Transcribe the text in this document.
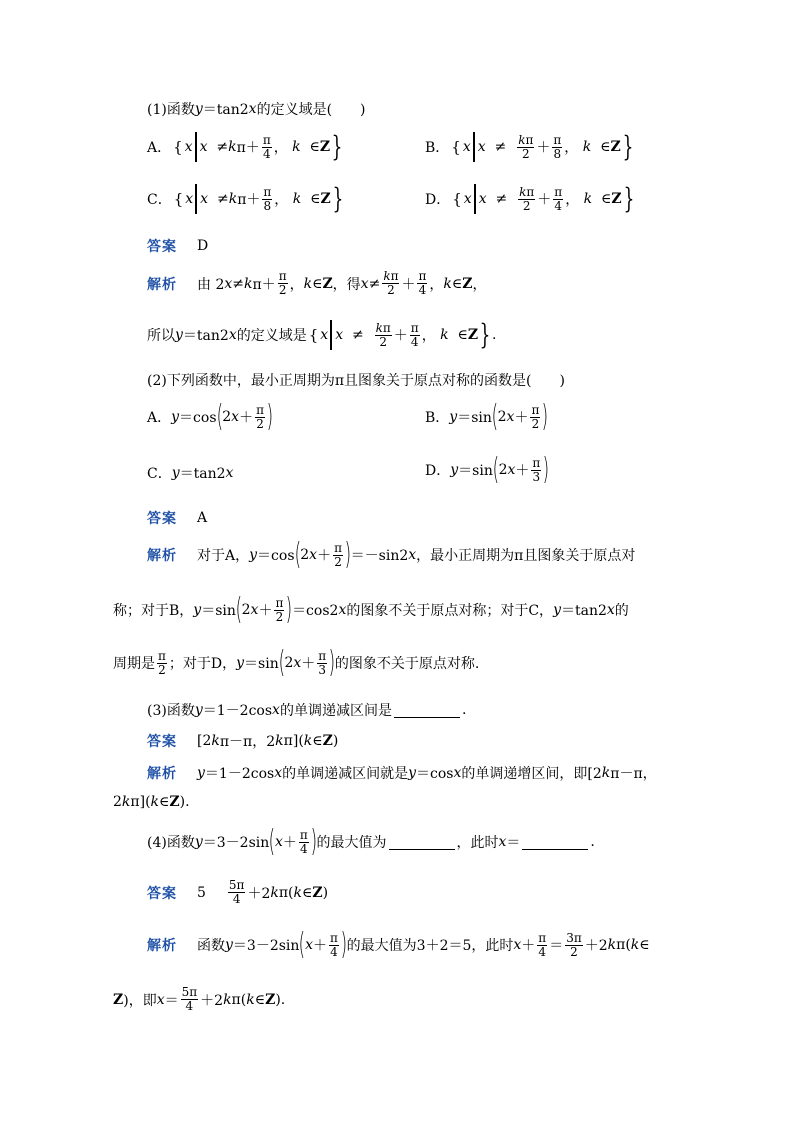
(1)函数 y ＝tan2 x 的定义域是(　　)
A． { x x ≠ k $\pi+ \frac{\pi}{4}$ ， k ∈ Z }	B． { x $x \ne \frac{k\pi}{2} + \frac{\pi}{8}$ ， k ∈ Z }
C． { x x ≠ k $\pi+ \frac{\pi}{8}$ ， k ∈ Z }	D． { x $x \ne \frac{k\pi}{2} + \frac{\pi}{4}$ ， k ∈ Z }
答案 D
解析 由 2 x ≠ k $\pi+ \frac{\pi}{2}$ ， k ∈ Z ，得 $x \ne \frac{k\pi}{2} + \frac{\pi}{4}$ ， k ∈ Z ，
所以 y ＝tan2 x 的定义域是 { x $x \ne \frac{k\pi}{2} + \frac{\pi}{4}$ ， k ∈ Z } .
(2)下列函数中，最小正周期为π且图象关于原点对称的函数是(　　)
A． y ＝cos ( 2 $x + \frac{\pi}{2}$ )	B． y ＝sin ( 2 $x + \frac{\pi}{2}$ )
C． y ＝tan2 x	D． y ＝sin ( 2 $x + \frac{\pi}{3}$ )
答案 A
解析 对于A， y ＝cos ( 2 $x + \frac{\pi}{2}$ ) ＝－sin2 x ，最小正周期为π且图象关于原点对
称；对于B， y ＝sin ( 2 $x + \frac{\pi}{2}$ ) ＝cos2 x 的图象不关于原点对称；对于C， y ＝tan2 x 的
周期是 $\frac{\pi}{2}$ ；对于D， y ＝sin ( 2 $x + \frac{\pi}{3}$ ) 的图象不关于原点对称.
(3)函数 y ＝1－2cos x 的单调递减区间是	.
答案 [2 k π－π，2 k π]( k ∈ Z )
解析 y ＝1－2cos x 的单调递减区间就是 y ＝cos x 的单调递增区间，即[2 k π－π，
2 k π]( k ∈ Z ).
(4)函数 y ＝3－2sin ( $x + \frac{\pi}{4}$ ) 的最大值为	，此时 x ＝	.
答案 $5 \frac{5\pi}{4} +2$ k π( k ∈ Z )
解析 函数 y ＝3－2sin ( $x + \frac{\pi}{4}$ ) 的最大值为3＋2＝5，此时 $x + \frac{\pi}{4} = \frac{3\pi}{2} +2$ k π( k ∈
Z )，即 $x = \frac{5\pi}{4} +2$ k π( k ∈ Z ).
